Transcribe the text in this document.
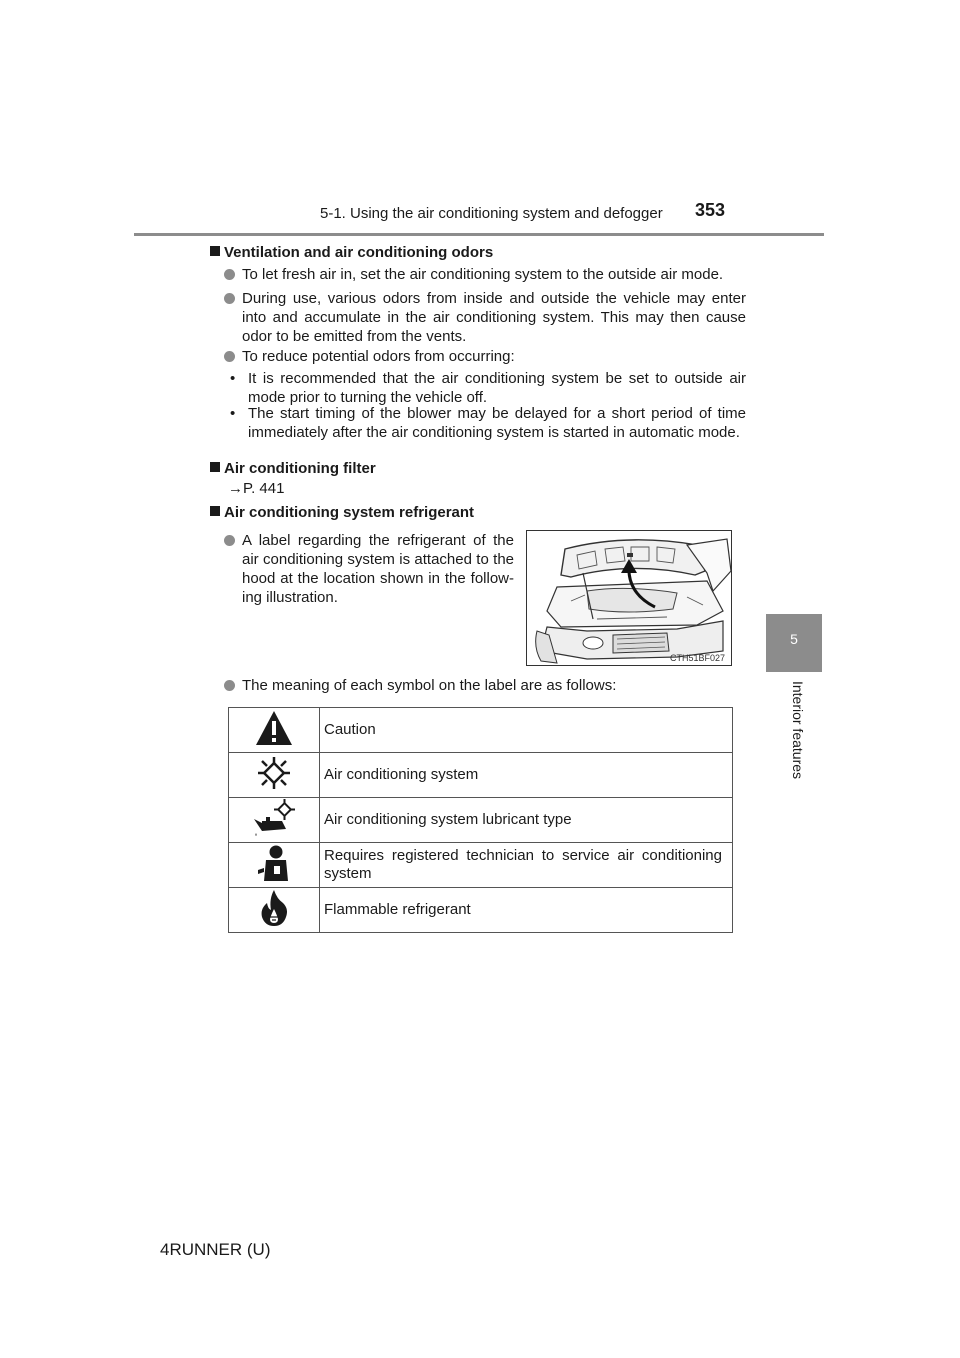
5-1. Using the air conditioning system and defogger	353
5
Interior features
Ventilation and air conditioning odors
To let fresh air in, set the air conditioning system to the outside air mode.
During use, various odors from inside and outside the vehicle may enter into and accumulate in the air conditioning system. This may then cause odor to be emitted from the vents.
To reduce potential odors from occurring:
• It is recommended that the air conditioning system be set to outside air mode prior to turning the vehicle off.
• The start timing of the blower may be delayed for a short period of time immediately after the air conditioning system is started in automatic mode.
Air conditioning filter
→P. 441
Air conditioning system refrigerant
A label regarding the refrigerant of the air conditioning system is attached to the hood at the location shown in the follow- ing illustration.
CTH51BF027
The meaning of each symbol on the label are as follows:
	Caution
	Air conditioning system
	Air conditioning system lubricant type
	Requires registered technician to service air conditioning system
	Flammable refrigerant
4RUNNER (U)
